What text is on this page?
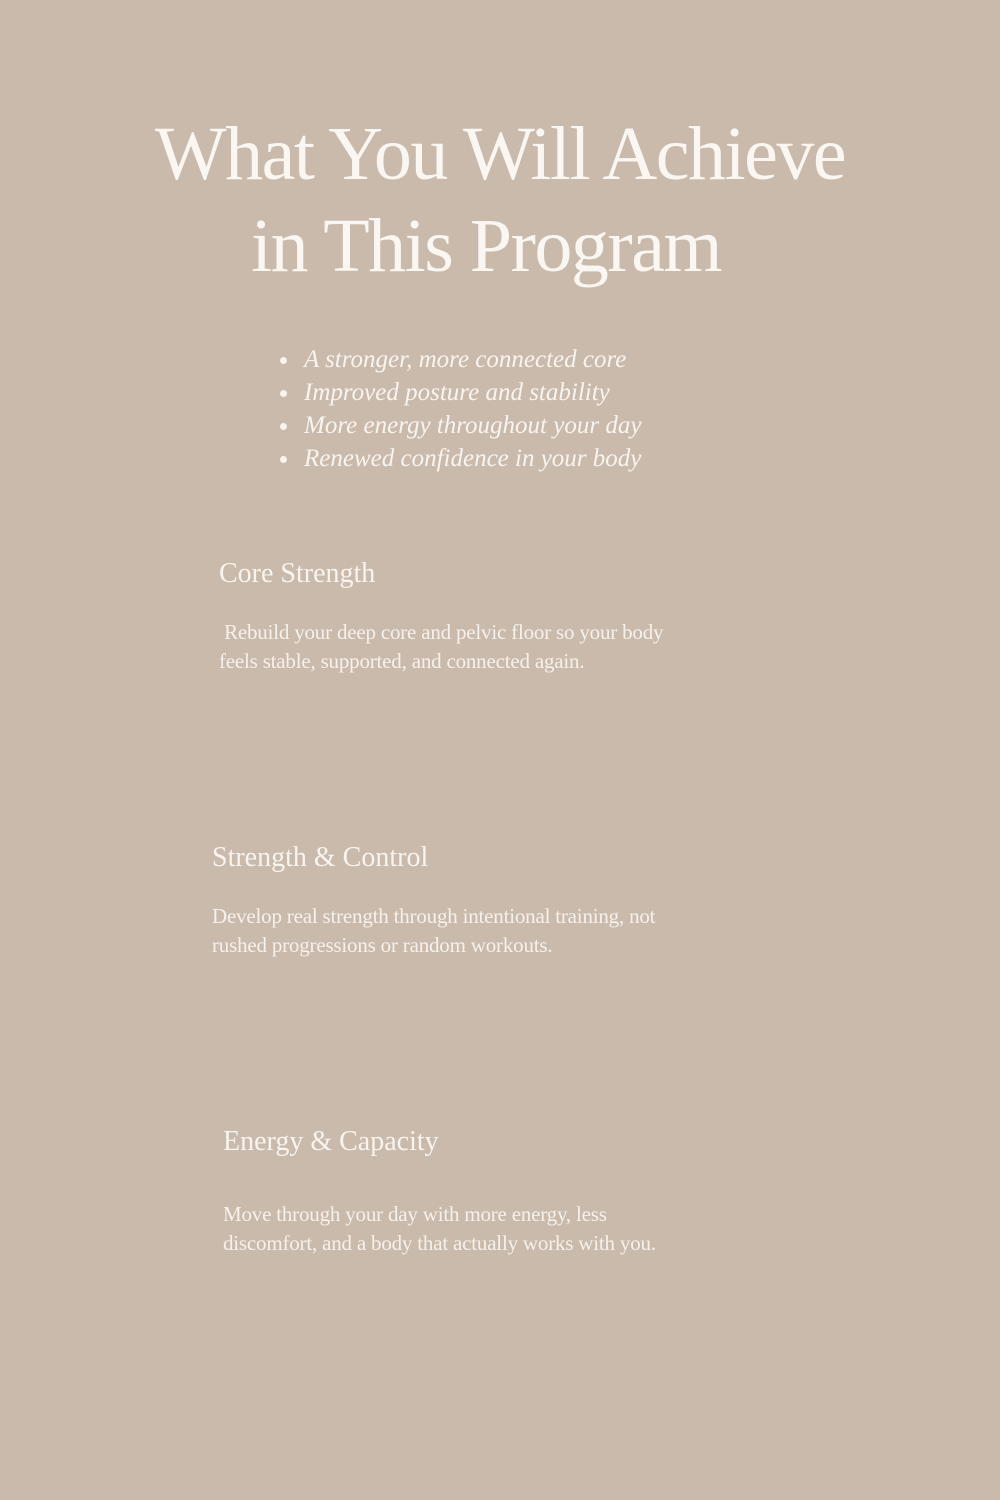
What You Will Achieve
in This Program
A stronger, more connected core
Improved posture and stability
More energy throughout your day
Renewed confidence in your body
Core Strength

Rebuild your deep core and pelvic floor so your body feels stable, supported, and connected again.

Strength & Control

Develop real strength through intentional training, not rushed progressions or random workouts.

Energy & Capacity

Move through your day with more energy, less discomfort, and a body that actually works with you.
